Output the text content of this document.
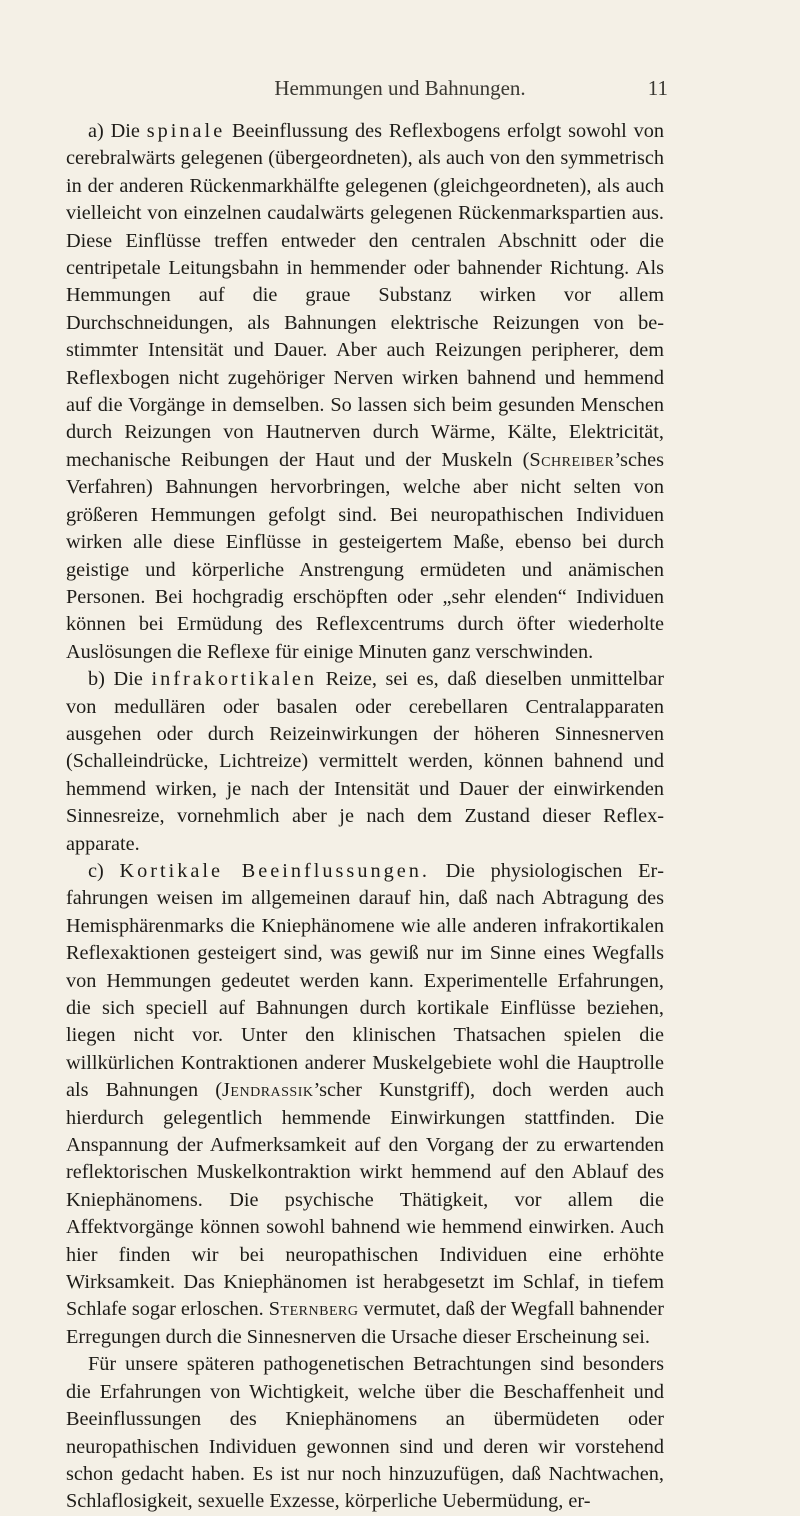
Hemmungen und Bahnungen.	11

a) Die spinale Beeinflussung des Reflexbogens erfolgt sowohl von cerebralwärts gelegenen (übergeordneten), als auch von den symmetrisch in der anderen Rückenmarkhälfte gelegenen (gleichgeordneten), als auch vielleicht von einzelnen caudalwärts gelegenen Rückenmarkspartien aus. Diese Einflüsse treffen entweder den centralen Abschnitt oder die centripetale Leitungsbahn in hemmender oder bahnender Richtung. Als Hemmungen auf die graue Substanz wirken vor allem Durchschneidungen, als Bahnungen elektrische Reizungen von bestimmter Intensität und Dauer. Aber auch Reizungen peripherer, dem Reflexbogen nicht zugehöriger Nerven wirken bahnend und hemmend auf die Vorgänge in demselben. So lassen sich beim gesunden Menschen durch Reizungen von Hautnerven durch Wärme, Kälte, Elektricität, mechanische Reibungen der Haut und der Muskeln (Schreiber’sches Verfahren) Bahnungen hervorbringen, welche aber nicht selten von größeren Hemmungen gefolgt sind. Bei neuropathischen Individuen wirken alle diese Einflüsse in gesteigertem Maße, ebenso bei durch geistige und körperliche Anstrengung ermüdeten und anämischen Personen. Bei hochgradig erschöpften oder „sehr elenden“ Individuen können bei Ermüdung des Reflexcentrums durch öfter wiederholte Auslösungen die Reflexe für einige Minuten ganz verschwinden.

b) Die infrakortikalen Reize, sei es, daß dieselben unmittelbar von medullären oder basalen oder cerebellaren Centralapparaten ausgehen oder durch Reizeinwirkungen der höheren Sinnesnerven (Schalleindrücke, Lichtreize) vermittelt werden, können bahnend und hemmend wirken, je nach der Intensität und Dauer der einwirkenden Sinnesreize, vornehmlich aber je nach dem Zustand dieser Reflexapparate.

c) Kortikale Beeinflussungen. Die physiologischen Erfahrungen weisen im allgemeinen darauf hin, daß nach Abtragung des Hemisphärenmarks die Kniephänomene wie alle anderen infrakortikalen Reflexaktionen gesteigert sind, was gewiß nur im Sinne eines Wegfalls von Hemmungen gedeutet werden kann. Experimentelle Erfahrungen, die sich speciell auf Bahnungen durch kortikale Einflüsse beziehen, liegen nicht vor. Unter den klinischen Thatsachen spielen die willkürlichen Kontraktionen anderer Muskelgebiete wohl die Hauptrolle als Bahnungen (Jendrassik’scher Kunstgriff), doch werden auch hierdurch gelegentlich hemmende Einwirkungen stattfinden. Die Anspannung der Aufmerksamkeit auf den Vorgang der zu erwartenden reflektorischen Muskelkontraktion wirkt hemmend auf den Ablauf des Kniephänomens. Die psychische Thätigkeit, vor allem die Affektvorgänge können sowohl bahnend wie hemmend einwirken. Auch hier finden wir bei neuropathischen Individuen eine erhöhte Wirksamkeit. Das Kniephänomen ist herabgesetzt im Schlaf, in tiefem Schlafe sogar erloschen. Sternberg vermutet, daß der Wegfall bahnender Erregungen durch die Sinnesnerven die Ursache dieser Erscheinung sei.

Für unsere späteren pathogenetischen Betrachtungen sind besonders die Erfahrungen von Wichtigkeit, welche über die Beschaffenheit und Beeinflussungen des Kniephänomens an übermüdeten oder neuropathischen Individuen gewonnen sind und deren wir vorstehend schon gedacht haben. Es ist nur noch hinzuzufügen, daß Nachtwachen, Schlaflosigkeit, sexuelle Exzesse, körperliche Uebermüdung, er-
